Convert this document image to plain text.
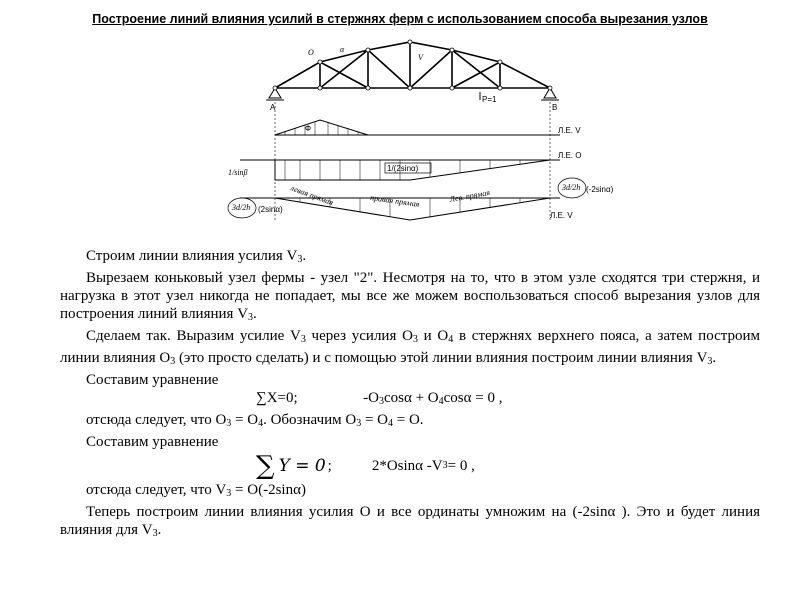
Построение линий влияния усилий в стержнях ферм с использованием способа вырезания узлов
O	α
V
P=1
A	B
Л.Е. V
Ф
1/(2sinα)
Л.Е. O
1/sinβ
3d/2h
3d/2h (-2sinα)
(2sinα)
Л.Е. V
левая прямая	правая прямая	Лев. прямая

Строим линии влияния усилия $V_3$.

Вырезаем коньковый узел фермы - узел "2". Несмотря на то, что в этом узле сходятся три стержня, и нагрузка в этот узел никогда не попадает, мы все же можем воспользоваться способ вырезания узлов для построения линий влияния $V_3$.

Сделаем так. Выразим усилие $V_3$ через усилия $O_3$ и $O_4$ в стержнях верхнего пояса, а затем построим линии влияния $O_3$ (это просто сделать) и с помощью этой линии влияния построим линии влияния $V_3$.

Составим уравнение

∑X=0;	$-O_3\cos\alpha + O_4\cos\alpha = 0$ ,

отсюда следует, что $O_3 = O_4$. Обозначим $O_3 = O_4 = O$.

Составим уравнение

∑ Y = 0 ;	2*Osinα -V 3 = 0 ,

отсюда следует, что $V_3 = O(-2\sin\alpha)$

Теперь построим линии влияния усилия O и все ординаты умножим на (-2sinα ). Это и будет линия влияния для $V_3$.
